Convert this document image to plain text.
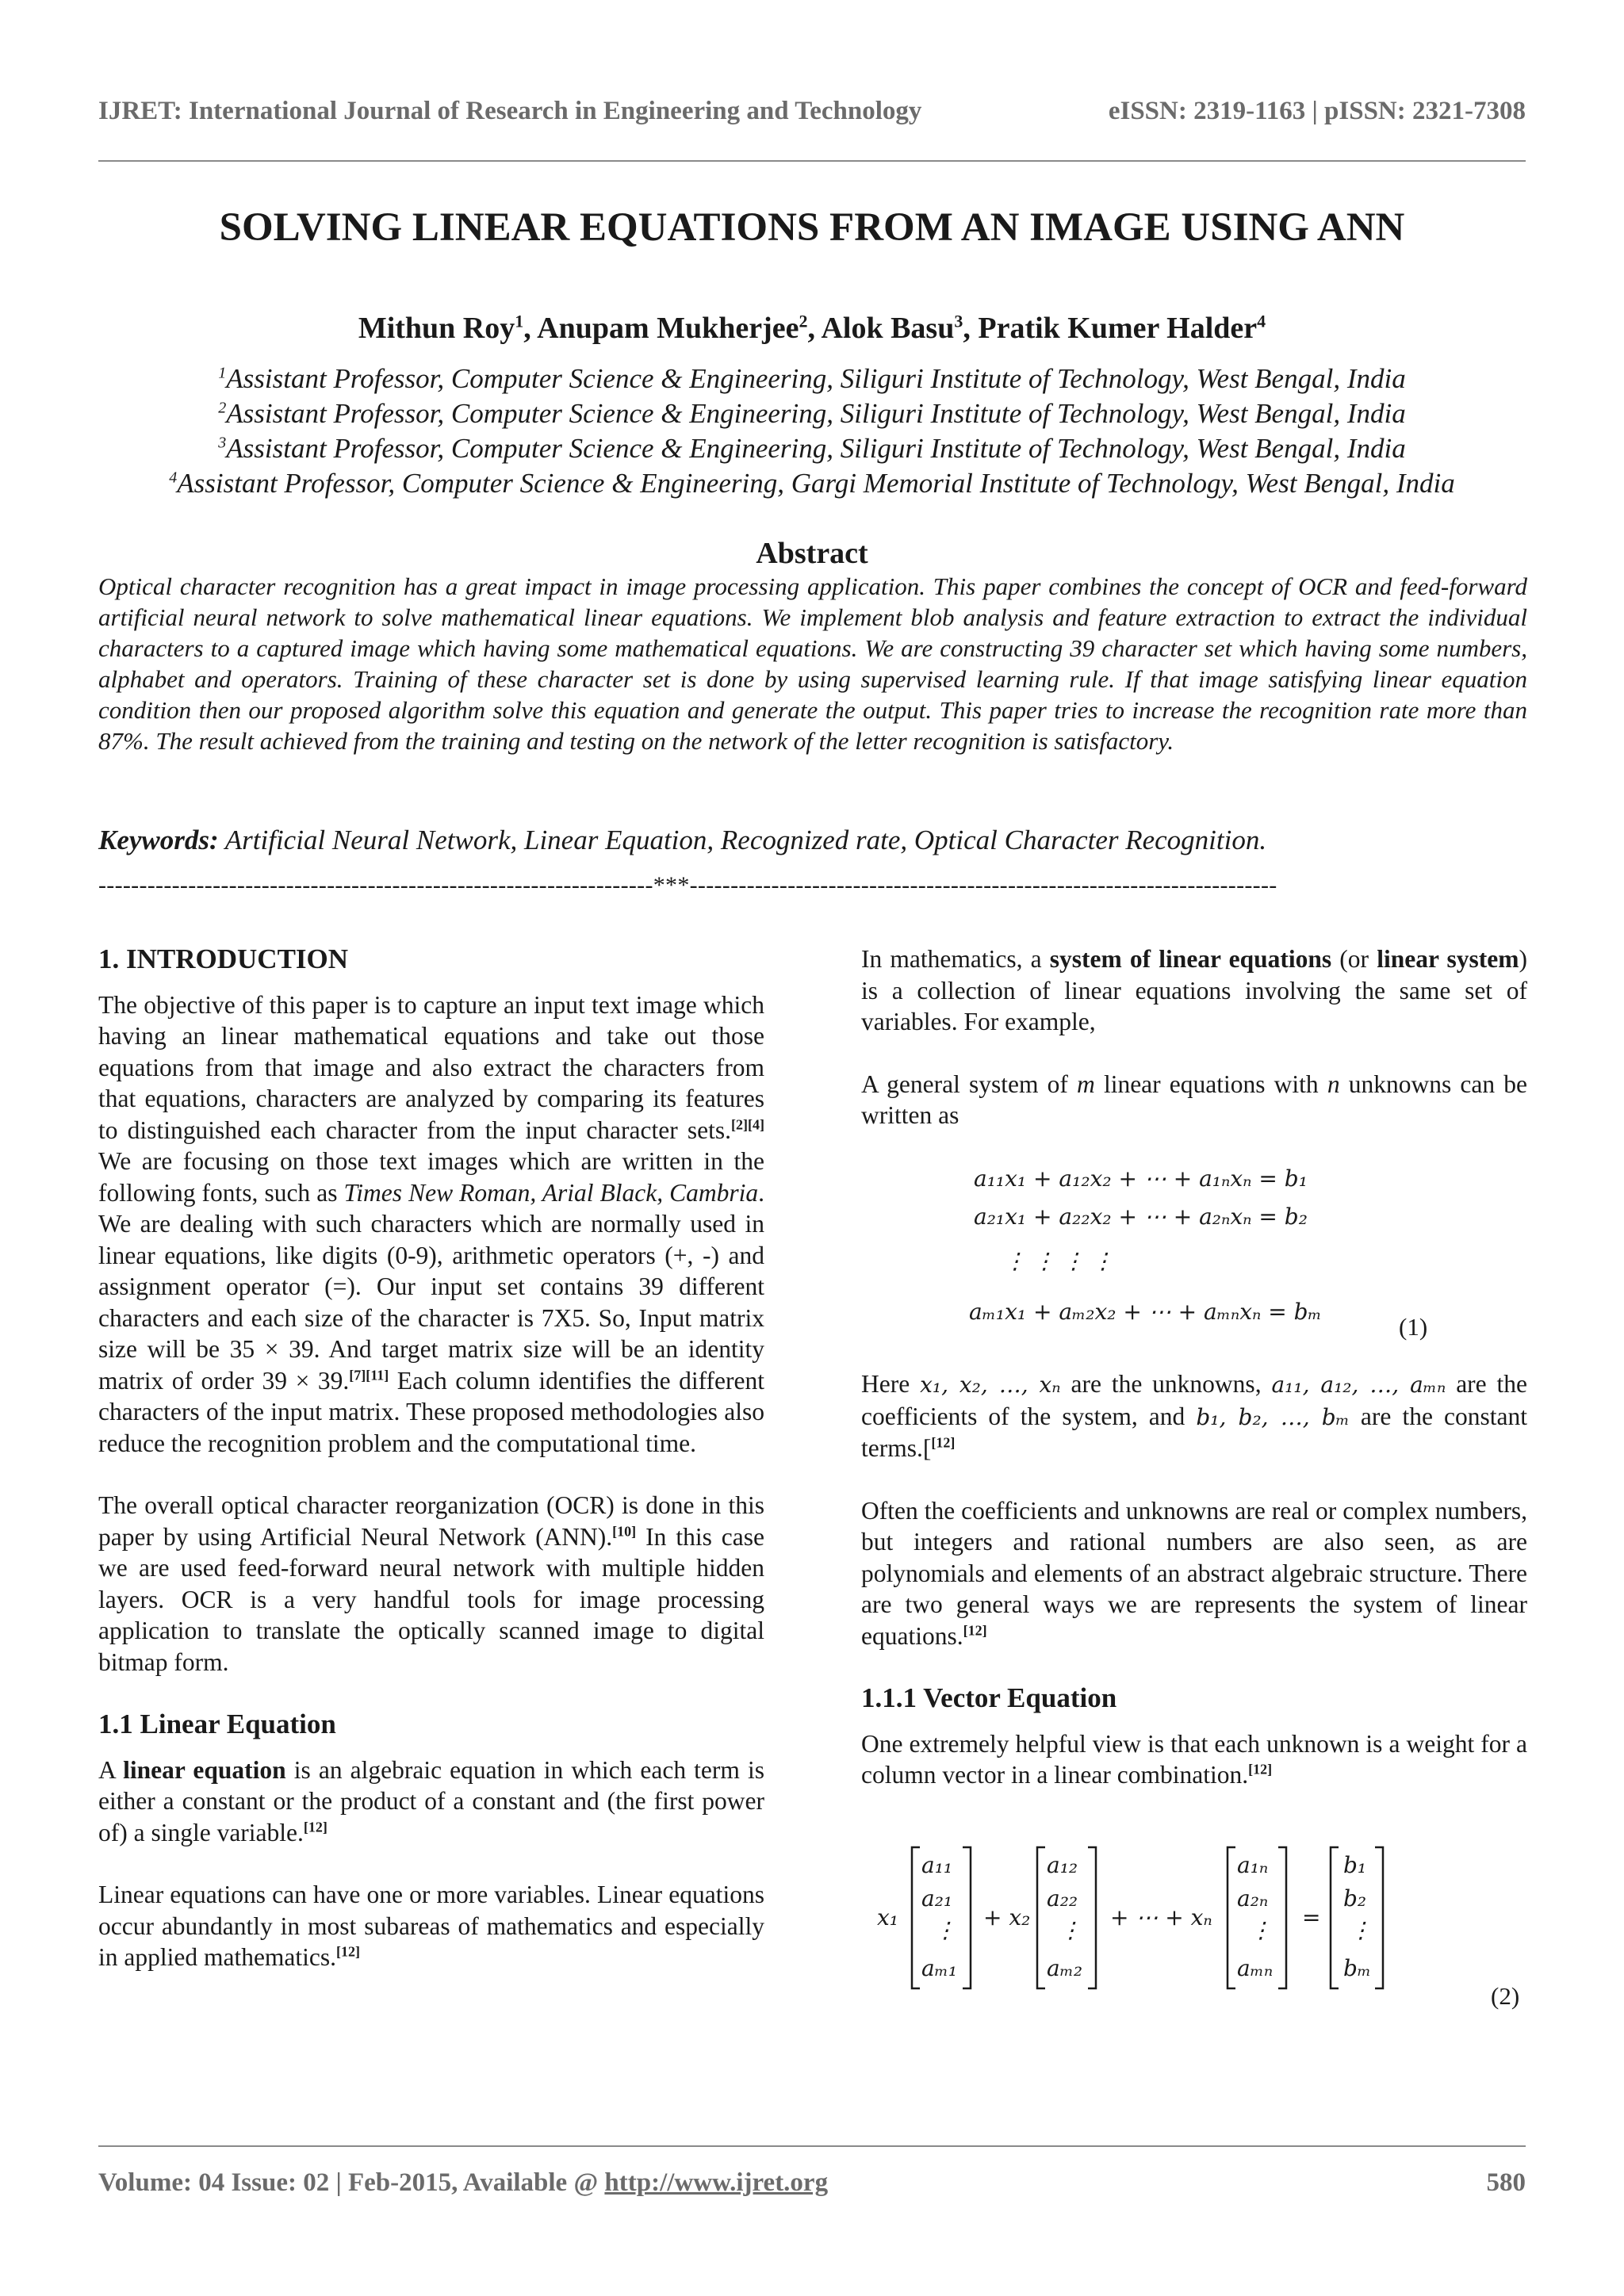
IJRET: International Journal of Research in Engineering and Technology	eISSN: 2319-1163 | pISSN: 2321-7308
SOLVING LINEAR EQUATIONS FROM AN IMAGE USING ANN
Mithun Roy$^1$, Anupam Mukherjee$^2$, Alok Basu$^3$, Pratik Kumer Halder$^4$
$^1$Assistant Professor, Computer Science & Engineering, Siliguri Institute of Technology, West Bengal, India
$^2$Assistant Professor, Computer Science & Engineering, Siliguri Institute of Technology, West Bengal, India
$^3$Assistant Professor, Computer Science & Engineering, Siliguri Institute of Technology, West Bengal, India
$^4$Assistant Professor, Computer Science & Engineering, Gargi Memorial Institute of Technology, West Bengal, India
Abstract
Optical character recognition has a great impact in image processing application. This paper combines the concept of OCR and feed-forward artificial neural network to solve mathematical linear equations. We implement blob analysis and feature extraction to extract the individual characters to a captured image which having some mathematical equations. We are constructing 39 character set which having some numbers, alphabet and operators. Training of these character set is done by using supervised learning rule. If that image satisfying linear equation condition then our proposed algorithm solve this equation and generate the output. This paper tries to increase the recognition rate more than 87%. The result achieved from the training and testing on the network of the letter recognition is satisfactory.
Keywords: Artificial Neural Network, Linear Equation, Recognized rate, Optical Character Recognition.
--------------------------------------------------------------------***------------------------------------------------------------------------
1. INTRODUCTION

The objective of this paper is to capture an input text image which having an linear mathematical equations and take out those equations from that image and also extract the characters from that equations, characters are analyzed by comparing its features to distinguished each character from the input character sets.[2][4] We are focusing on those text images which are written in the following fonts, such as Times New Roman, Arial Black, Cambria. We are dealing with such characters which are normally used in linear equations, like digits (0-9), arithmetic operators (+, -) and assignment operator (=). Our input set contains 39 different characters and each size of the character is 7X5. So, Input matrix size will be 35 × 39. And target matrix size will be an identity matrix of order 39 × 39.[7][11] Each column identifies the different characters of the input matrix. These proposed methodologies also reduce the recognition problem and the computational time.

The overall optical character reorganization (OCR) is done in this paper by using Artificial Neural Network (ANN).[10] In this case we are used feed-forward neural network with multiple hidden layers. OCR is a very handful tools for image processing application to translate the optically scanned image to digital bitmap form.

1.1 Linear Equation

A linear equation is an algebraic equation in which each term is either a constant or the product of a constant and (the first power of) a single variable.[12]

Linear equations can have one or more variables. Linear equations occur abundantly in most subareas of mathematics and especially in applied mathematics.[12]

In mathematics, a system of linear equations (or linear system) is a collection of linear equations involving the same set of variables. For example,

A general system of m linear equations with n unknowns can be written as

a₁₁x₁ + a₁₂x₂ + ⋯ + a₁ₙxₙ = b₁
a₂₁x₁ + a₂₂x₂ + ⋯ + a₂ₙxₙ = b₂
⋮ ⋮ ⋮ ⋮
aₘ₁x₁ + aₘ₂x₂ + ⋯ + aₘₙxₙ = bₘ
(1)

Here x₁, x₂, …, xₙ are the unknowns, a₁₁, a₁₂, …, aₘₙ are the coefficients of the system, and b₁, b₂, …, bₘ are the constant terms.[[12]

Often the coefficients and unknowns are real or complex numbers, but integers and rational numbers are also seen, as are polynomials and elements of an abstract algebraic structure. There are two general ways we are represents the system of linear equations.[12]

1.1.1 Vector Equation

One extremely helpful view is that each unknown is a weight for a column vector in a linear combination.[12]

x₁
a₁₁
a₂₁
⋮
aₘ₁
+ x₂
a₁₂
a₂₂
⋮
aₘ₂
+ ⋯ + xₙ
a₁ₙ
a₂ₙ
⋮
aₘₙ
=
b₁
b₂
⋮
bₘ
(2)
Volume: 04 Issue: 02 | Feb-2015, Available @ http://www.ijret.org	580
